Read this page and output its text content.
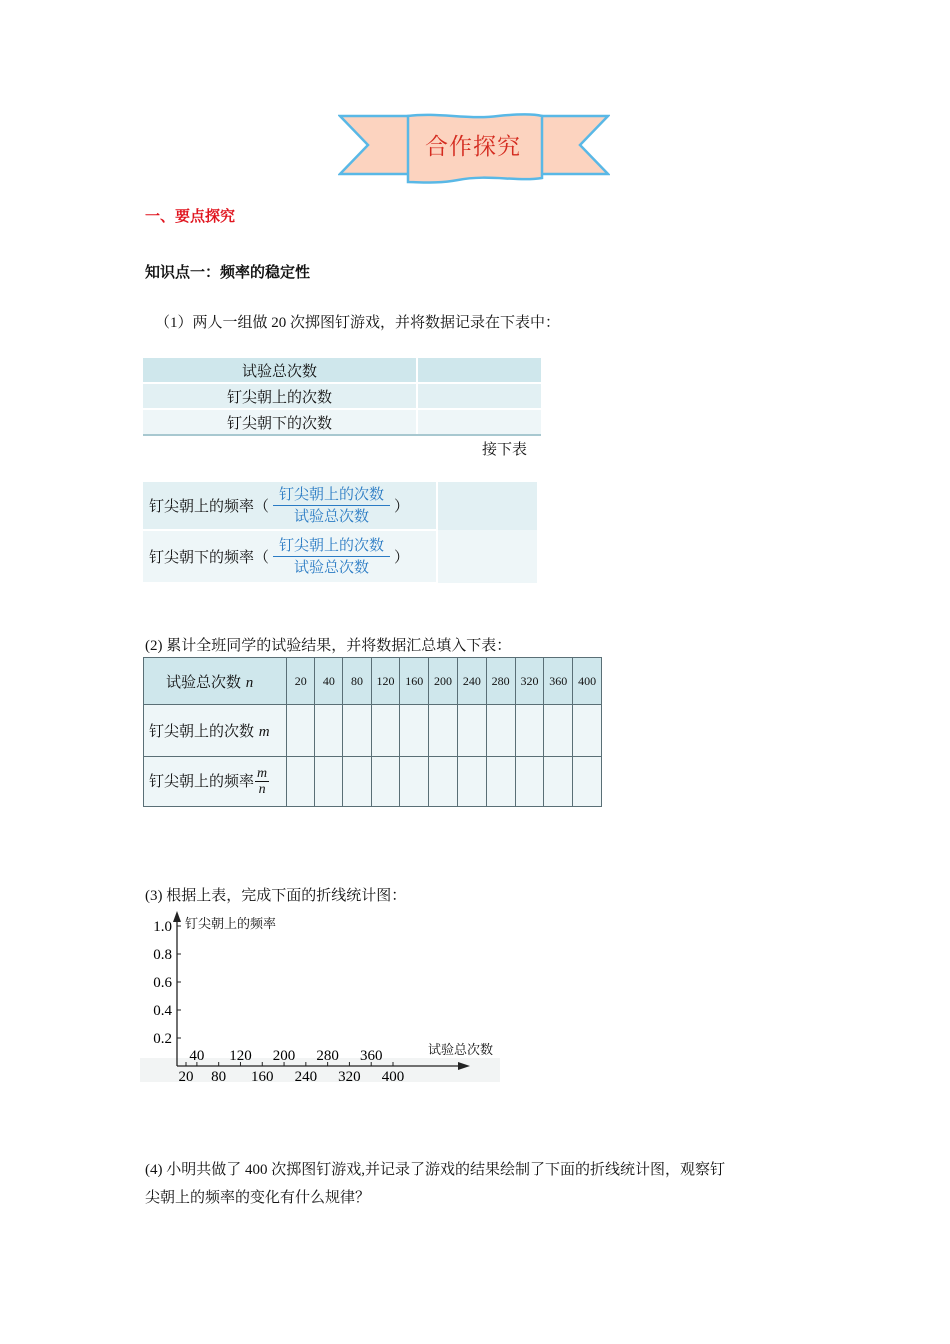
合作探究
一、要点探究
知识点一：频率的稳定性
（1）两人一组做 20 次掷图钉游戏，并将数据记录在下表中：
试验总次数	
钉尖朝上的次数	
钉尖朝下的次数	
接下表
钉尖朝上的频率（ $\frac{\text{钉尖朝上的次数}}{\text{试验总次数}}$ ）	

钉尖朝下的频率（ $\frac{\text{钉尖朝上的次数}}{\text{试验总次数}}$ ）	

(2) 累计全班同学的试验结果，并将数据汇总填入下表：
试验总次数 n	20	40	80	120	160	200	240	280	320	360	400
钉尖朝上的次数 m											
钉尖朝上的频率 $\frac{m}{n}$

(3) 根据上表，完成下面的折线统计图：
钉尖朝上的频率
试验总次数
1.0
0.8
0.6
0.4
0.2
40 120 200 280 360
20 80 160 240 320 400
(4) 小明共做了 400 次掷图钉游戏,并记录了游戏的结果绘制了下面的折线统计图，观察钉
尖朝上的频率的变化有什么规律？
